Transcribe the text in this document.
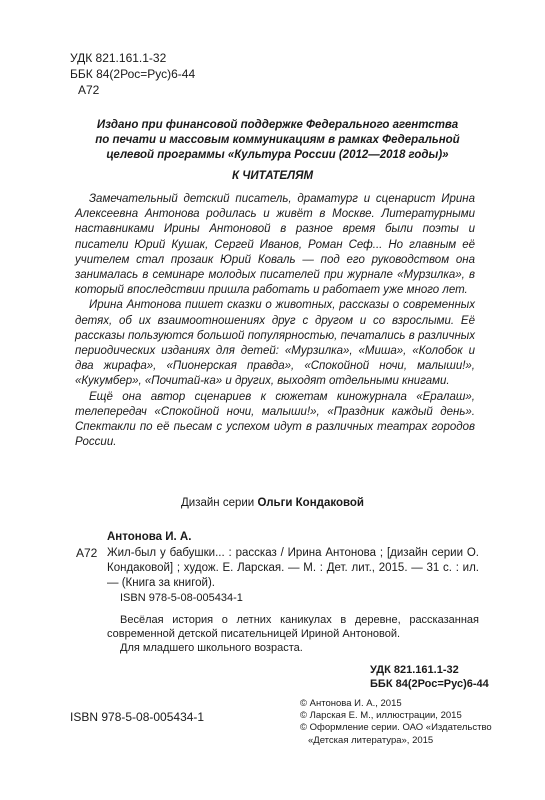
УДК 821.161.1-32
ББК 84(2Рос=Рус)6-44
А72
Издано при финансовой поддержке Федерального агентства
по печати и массовым коммуникациям в рамках Федеральной
целевой программы «Культура России (2012—2018 годы)»
К ЧИТАТЕЛЯМ

Замечательный детский писатель, драматург и сценарист Ирина Алексеевна Антонова родилась и живёт в Москве. Литературными наставниками Ирины Антоновой в разное время были поэты и писатели Юрий Кушак, Сергей Иванов, Роман Сеф... Но главным её учителем стал прозаик Юрий Коваль — под его руководством она занималась в семинаре молодых писателей при журнале «Мурзилка», в который впоследствии пришла работать и работает уже много лет.

Ирина Антонова пишет сказки о животных, рассказы о современных детях, об их взаимоотношениях друг с другом и со взрослыми. Её рассказы пользуются большой популярностью, печатались в различных периодических изданиях для детей: «Мурзилка», «Миша», «Колобок и два жирафа», «Пионерская правда», «Спокойной ночи, малыши!», «Кукумбер», «Почитай-ка» и других, выходят отдельными книгами.

Ещё она автор сценариев к сюжетам киножурнала «Ералаш», телепередач «Спокойной ночи, малыши!», «Праздник каждый день». Спектакли по её пьесам с успехом идут в различных театрах городов России.

Дизайн серии Ольги Кондаковой
Антонова И. А.
А72 Жил-был у бабушки... : рассказ / Ирина Антонова ; [дизайн серии О. Кондаковой] ; худож. Е. Ларская. — М. : Дет. лит., 2015. — 31 с. : ил. — (Книга за книгой).

ISBN 978-5-08-005434-1

Весёлая история о летних каникулах в деревне, рассказанная современной детской писательницей Ириной Антоновой.

Для младшего школьного возраста.

УДК 821.161.1-32
ББК 84(2Рос=Рус)6-44
© Антонова И. А., 2015
© Ларская Е. М., иллюстрации, 2015
© Оформление серии. ОАО «Издательство
«Детская литература», 2015
ISBN 978-5-08-005434-1
